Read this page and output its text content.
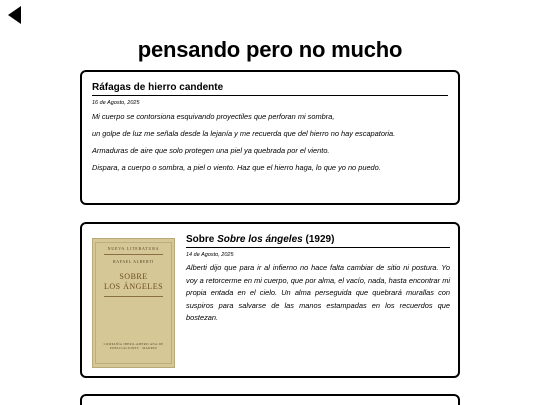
pensando pero no mucho
Ráfagas de hierro candente
16 de Agosto, 2025

Mi cuerpo se contorsiona esquivando proyectiles que perforan mi sombra,

un golpe de luz me señala desde la lejanía y me recuerda que del hierro no hay escapatoria.

Armaduras de aire que solo protegen una piel ya quebrada por el viento.

Dispara, a cuerpo o sombra, a piel o viento. Haz que el hierro haga, lo que yo no puedo.

NUEVA LITERATURA
RAFAEL ALBERTI
SOBRE
LOS ÁNGELES
COMPAÑÍA IBERO-AMERICANA DE PUBLICACIONES · MADRID
Sobre Sobre los ángeles (1929)
14 de Agosto, 2025

Alberti dijo que para ir al infierno no hace falta cambiar de sitio ni postura. Yo voy a retorcerme en mi cuerpo, que por alma, el vacío, nada, hasta encontrar mi propia entada en el cielo. Un alma perseguida que quebrará murallas con suspiros para salvarse de las manos estampadas en los recuerdos que bostezan.
